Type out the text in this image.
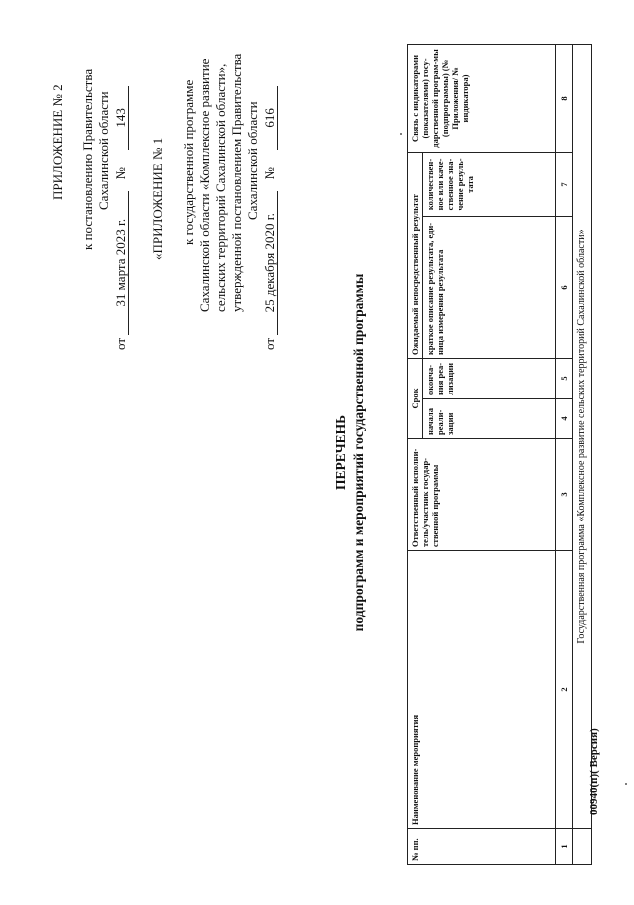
ПРИЛОЖЕНИЕ № 2 к постановлению Правительства Сахалинской области
от 31 марта 2023 г. № 143
«ПРИЛОЖЕНИЕ № 1 к государственной программе Сахалинской области «Комплексное развитие сельских территорий Сахалинской области», утвержденной постановлением Правительства Сахалинской области
от 25 декабря 2020 г. № 616
ПЕРЕЧЕНЬ подпрограмм и мероприятий государственной программы
№ пп.	Наименование мероприятия	Ответственный исполни-тель/участник государ-ственной программы	Срок		Ожидаемый непосредственный результат		Связь с индикаторами (показателями) госу-дарственной програм-мы (подпрограммы) (№ Приложения/ № индикатора)
			начала реали-зации	оконча-ния реа-лизации	краткое описание результата, еди-ница измерения результата	количествен-ное или каче-ственное зна-чение резуль-тата	
1	2	3	4	5	6	7	8
	Государственная программа «Комплексное развитие сельских территорий Сахалинской области»						
00940(п)( Версия)
